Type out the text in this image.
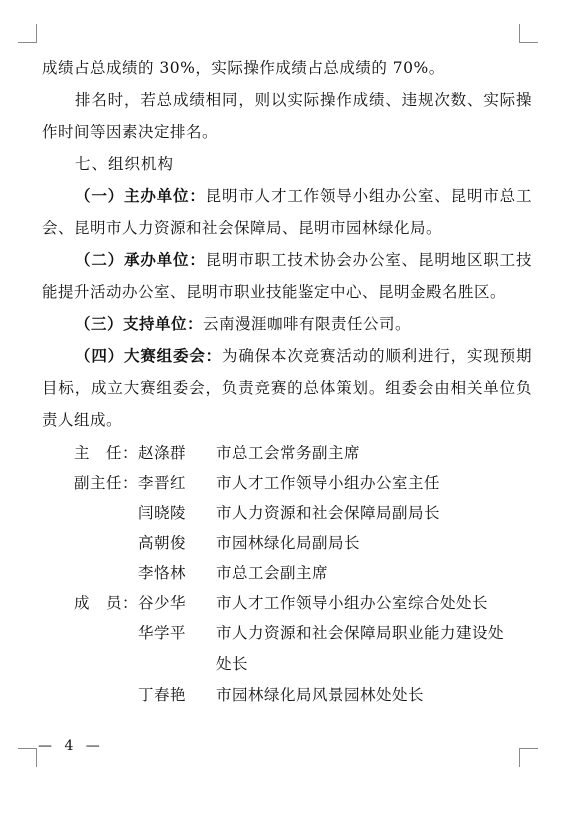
成绩占总成绩的 30%，实际操作成绩占总成绩的 70%。

排名时，若总成绩相同，则以实际操作成绩、违规次数、实际操作时间等因素决定排名。

七、组织机构

（一）主办单位：昆明市人才工作领导小组办公室、昆明市总工会、昆明市人力资源和社会保障局、昆明市园林绿化局。

（二）承办单位：昆明市职工技术协会办公室、昆明地区职工技能提升活动办公室、昆明市职业技能鉴定中心、昆明金殿名胜区。

（三）支持单位：云南漫涯咖啡有限责任公司。

（四）大赛组委会：为确保本次竞赛活动的顺利进行，实现预期目标，成立大赛组委会，负责竞赛的总体策划。组委会由相关单位负责人组成。

主　任： 赵涤群	市总工会常务副主席
副主任： 李晋红	市人才工作领导小组办公室主任
闫晓陵	市人力资源和社会保障局副局长
高朝俊	市园林绿化局副局长
李恪林	市总工会副主席
成　员： 谷少华	市人才工作领导小组办公室综合处处长
华学平	市人力资源和社会保障局职业能力建设处处长
丁春艳	市园林绿化局风景园林处处长
— 4 —
